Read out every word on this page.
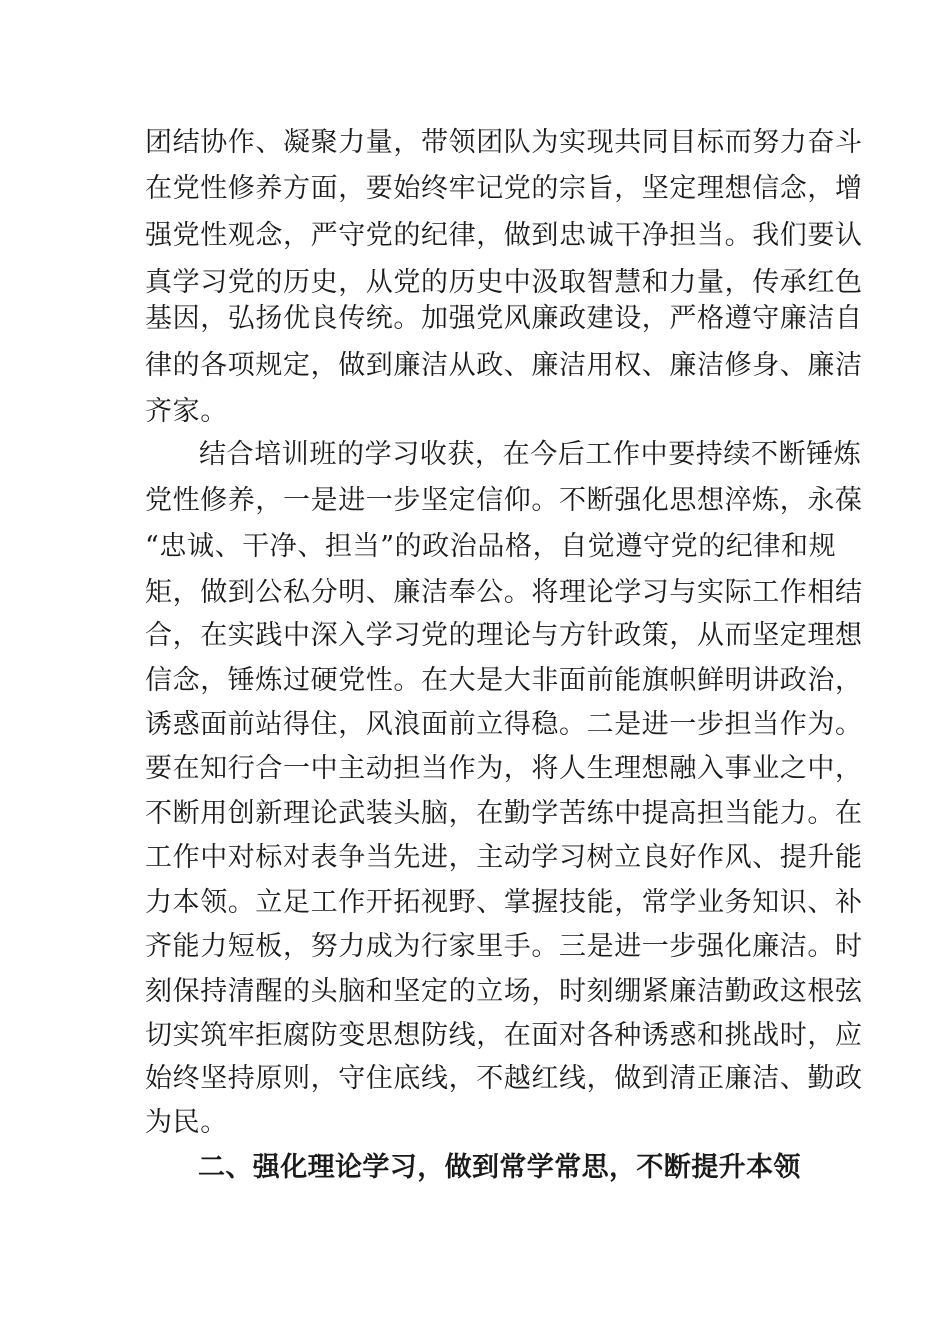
团结协作、凝聚力量，带领团队为实现共同目标而努力奋斗
在党性修养方面，要始终牢记党的宗旨，坚定理想信念，增
强党性观念，严守党的纪律，做到忠诚干净担当。我们要认
真学习党的历史，从党的历史中汲取智慧和力量，传承红色
基因，弘扬优良传统。加强党风廉政建设，严格遵守廉洁自
律的各项规定，做到廉洁从政、廉洁用权、廉洁修身、廉洁
齐家。
结合培训班的学习收获，在今后工作中要持续不断锤炼
党性修养，一是进一步坚定信仰。不断强化思想淬炼，永葆
“忠诚、干净、担当”的政治品格，自觉遵守党的纪律和规
矩，做到公私分明、廉洁奉公。将理论学习与实际工作相结
合，在实践中深入学习党的理论与方针政策，从而坚定理想
信念，锤炼过硬党性。在大是大非面前能旗帜鲜明讲政治，
诱惑面前站得住，风浪面前立得稳。二是进一步担当作为。
要在知行合一中主动担当作为，将人生理想融入事业之中，
不断用创新理论武装头脑，在勤学苦练中提高担当能力。在
工作中对标对表争当先进，主动学习树立良好作风、提升能
力本领。立足工作开拓视野、掌握技能，常学业务知识、补
齐能力短板，努力成为行家里手。三是进一步强化廉洁。时
刻保持清醒的头脑和坚定的立场，时刻绷紧廉洁勤政这根弦
切实筑牢拒腐防变思想防线，在面对各种诱惑和挑战时，应
始终坚持原则，守住底线，不越红线，做到清正廉洁、勤政
为民。
二、强化理论学习，做到常学常思，不断提升本领
